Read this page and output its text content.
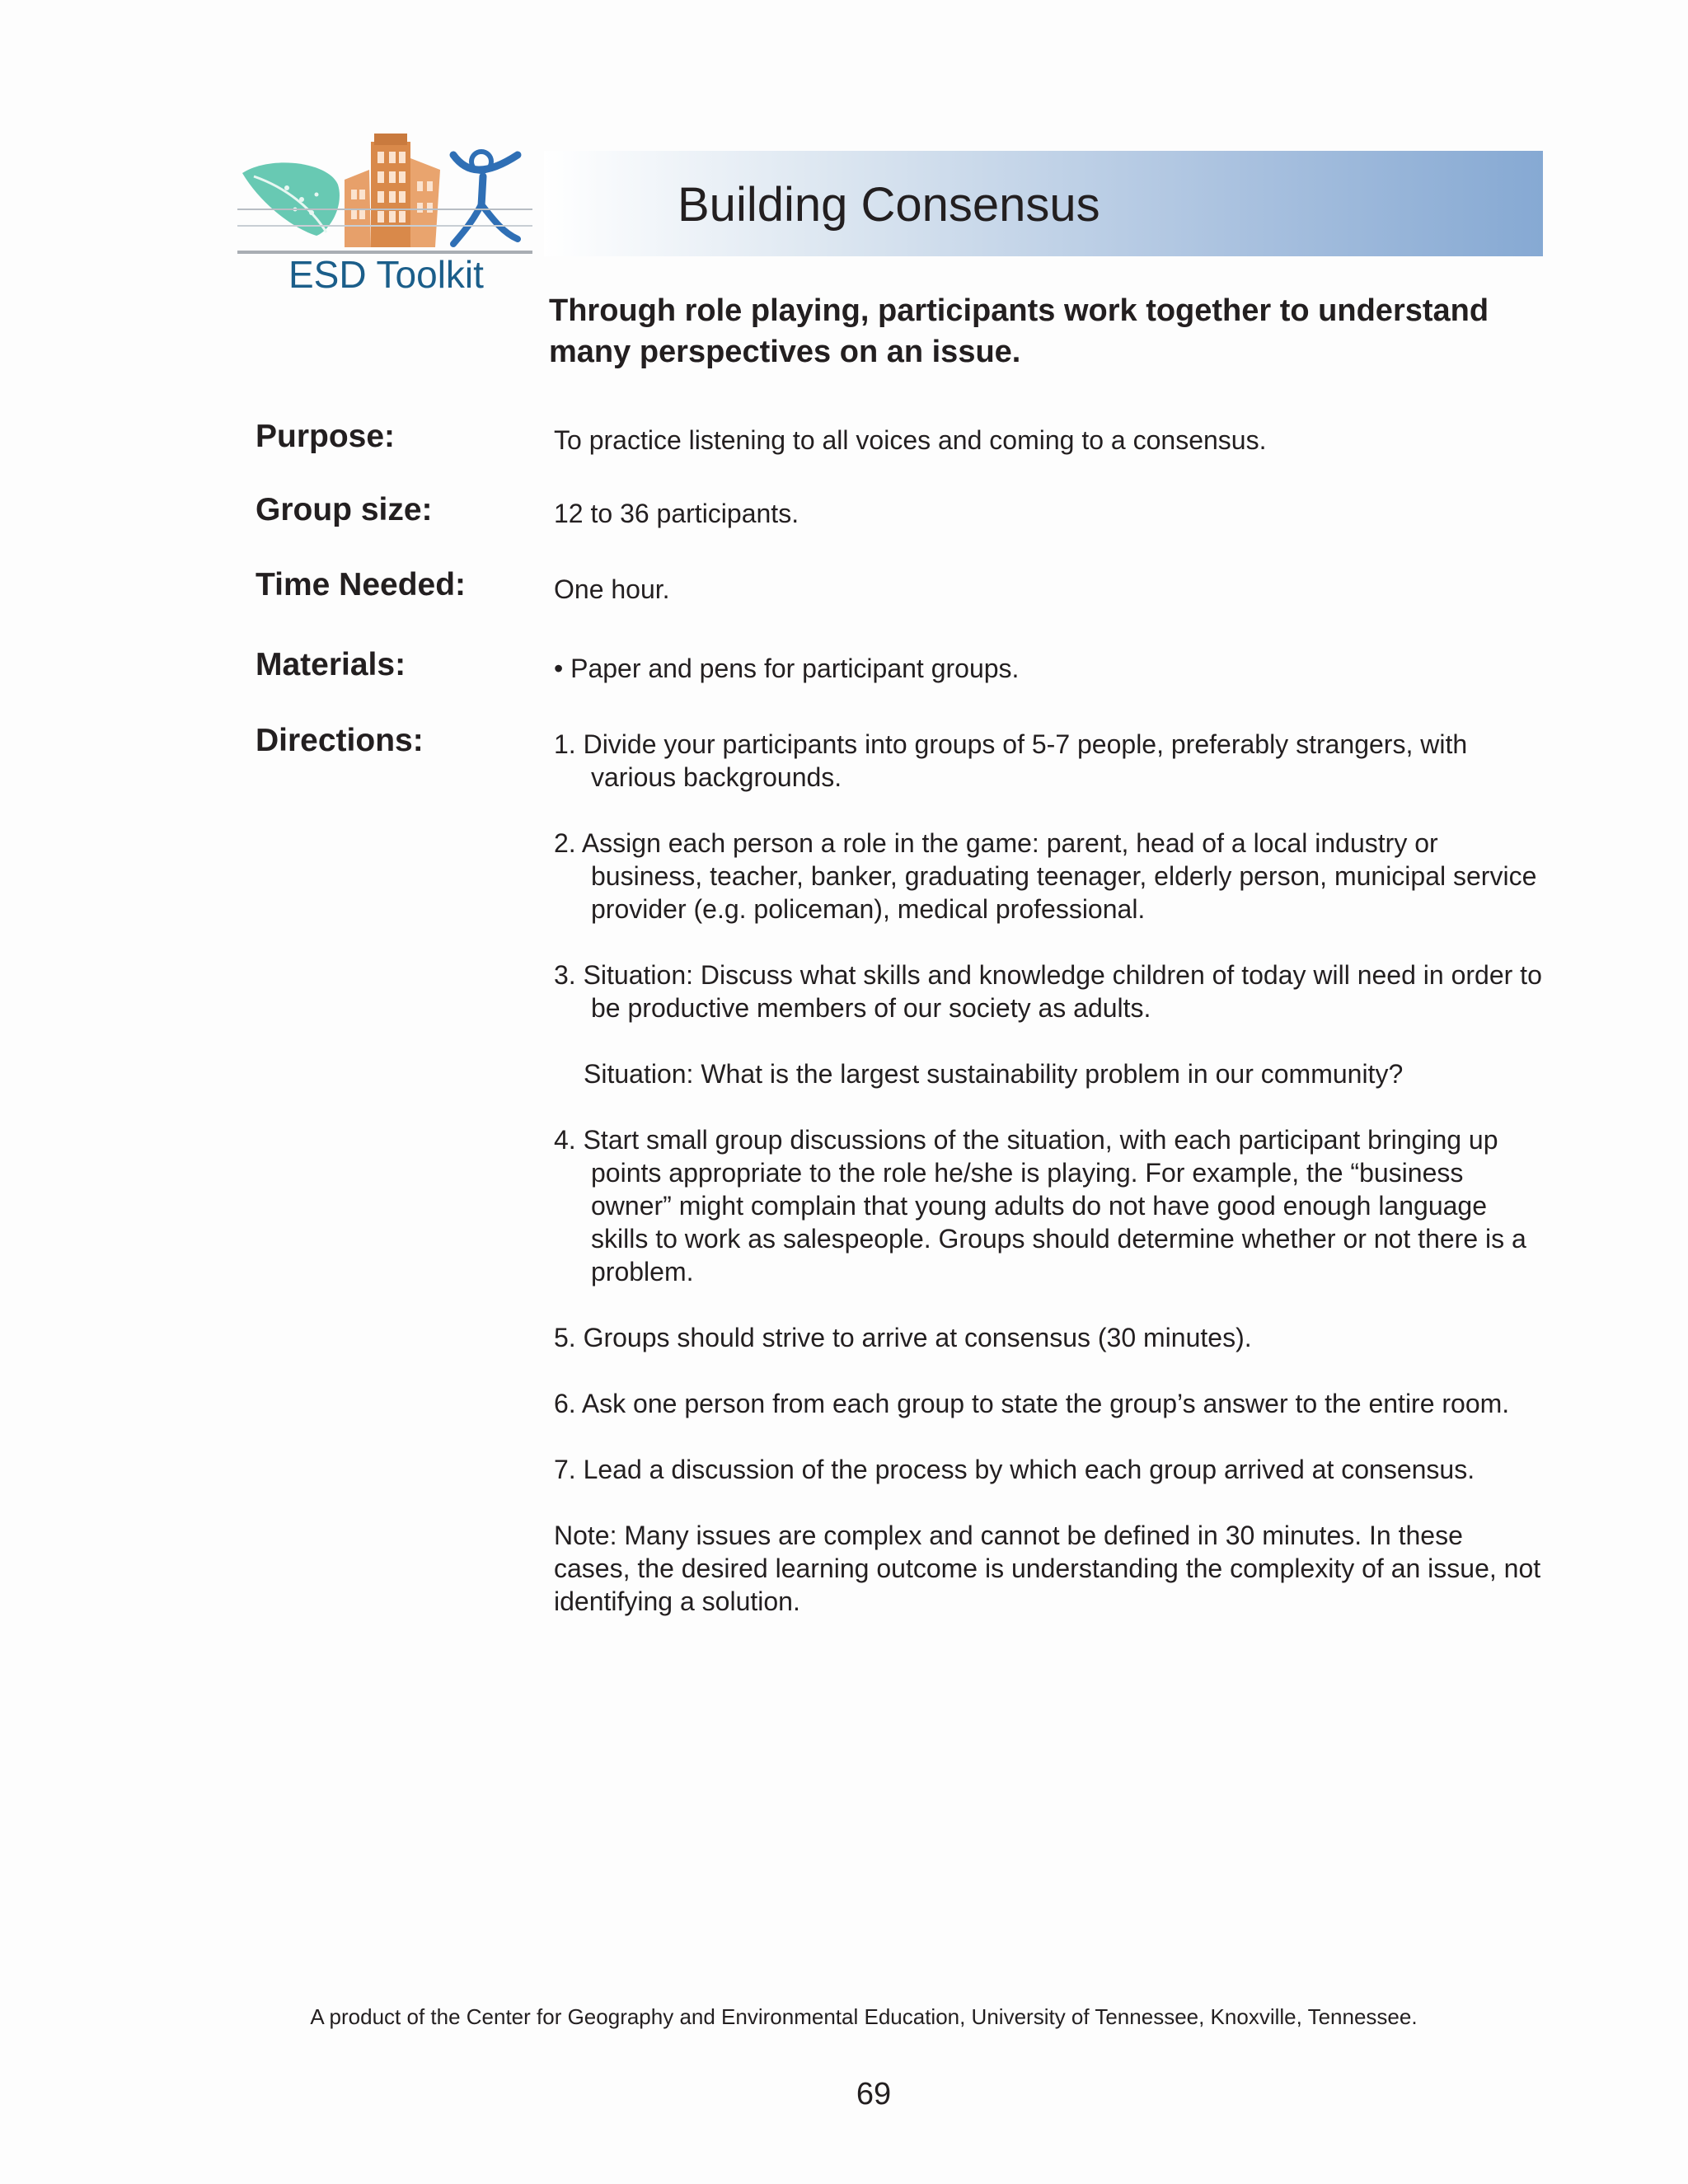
ESD Toolkit
Building Consensus
Through role playing, participants work together to understand many perspectives on an issue.
Purpose:	To practice listening to all voices and coming to a consensus.
Group size:	12 to 36 participants.
Time Needed:	One hour.
Materials:	• Paper and pens for participant groups.
Directions:	1. Divide your participants into groups of 5-7 people, preferably strangers, with various backgrounds.

2. Assign each person a role in the game: parent, head of a local industry or business, teacher, banker, graduating teenager, elderly person, municipal service provider (e.g. policeman), medical professional.

3. Situation: Discuss what skills and knowledge children of today will need in order to be productive members of our society as adults.

Situation: What is the largest sustainability problem in our community?

4. Start small group discussions of the situation, with each participant bringing up points appropriate to the role he/she is playing. For example, the “business owner” might complain that young adults do not have good enough language skills to work as salespeople. Groups should determine whether or not there is a problem.

5. Groups should strive to arrive at consensus (30 minutes).

6. Ask one person from each group to state the group’s answer to the entire room.

7. Lead a discussion of the process by which each group arrived at consensus.

Note: Many issues are complex and cannot be defined in 30 minutes. In these cases, the desired learning outcome is understanding the complexity of an issue, not identifying a solution.

A product of the Center for Geography and Environmental Education, University of Tennessee, Knoxville, Tennessee.
69
